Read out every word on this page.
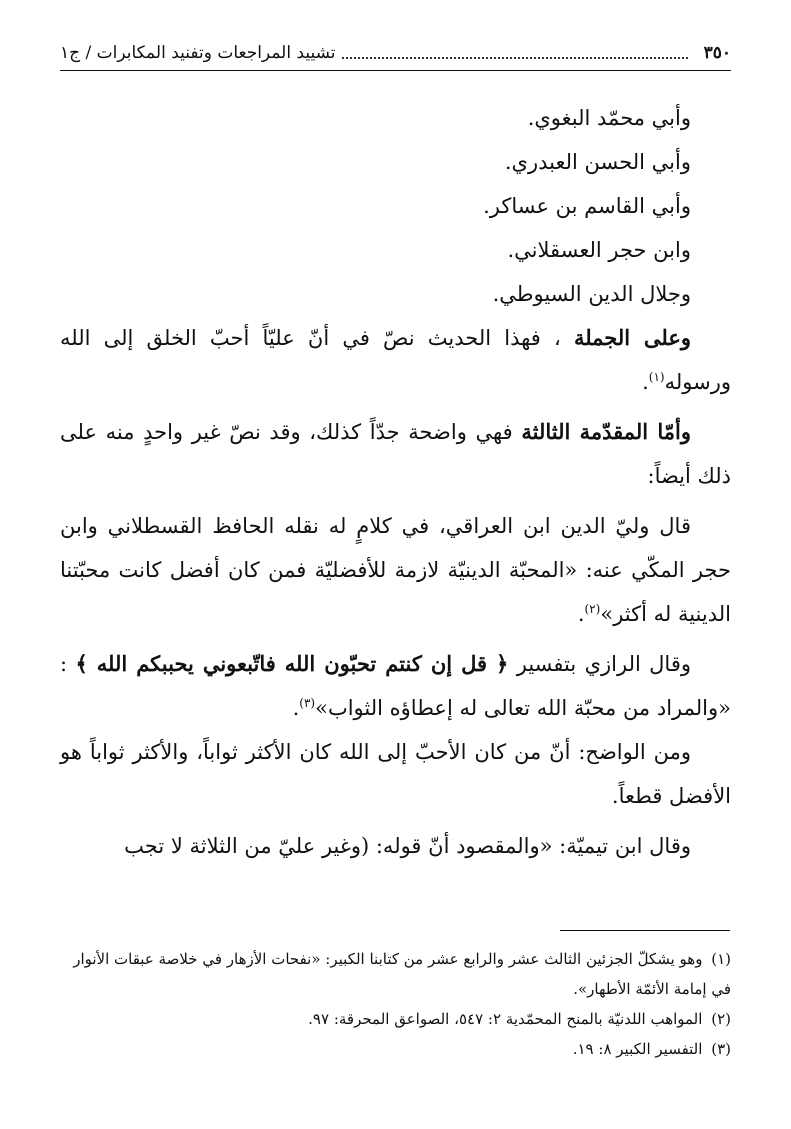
٣٥٠
تشييد المراجعات وتفنيد المكابرات / ج١

وأبي محمّد البغوي.

وأبي الحسن العبدري.

وأبي القاسم بن عساكر.

وابن حجر العسقلاني.

وجلال الدين السيوطي.

وعلى الجملة ، فهذا الحديث نصّ في أنّ عليّاً أحبّ الخلق إلى الله ورسوله$^{(١)}$.

وأمّا المقدّمة الثالثة فهي واضحة جدّاً كذلك، وقد نصّ غير واحدٍ منه على ذلك أيضاً:

قال وليّ الدين ابن العراقي، في كلامٍ له نقله الحافظ القسطلاني وابن حجر المكّي عنه: «المحبّة الدينيّة لازمة للأفضليّة فمن كان أفضل كانت محبّتنا الدينية له أكثر»$^{(٢)}$.

وقال الرازي بتفسير ﴿ قل إن كنتم تحبّون الله فاتّبعوني يحببكم الله ﴾ : «والمراد من محبّة الله تعالى له إعطاؤه الثواب»$^{(٣)}$.

ومن الواضح: أنّ من كان الأحبّ إلى الله كان الأكثر ثواباً، والأكثر ثواباً هو الأفضل قطعاً.

وقال ابن تيميّة: «والمقصود أنّ قوله: (وغير عليّ من الثلاثة لا تجب

(١) وهو يشكلّ الجزئين الثالث عشر والرابع عشر من كتابنا الكبير: «نفحات الأزهار في خلاصة عبقات الأنوار في إمامة الأئمّة الأطهار».

(٢) المواهب اللدنيّة بالمنح المحمّدية ٢: ٥٤٧، الصواعق المحرقة: ٩٧.

(٣) التفسير الكبير ٨: ١٩.
